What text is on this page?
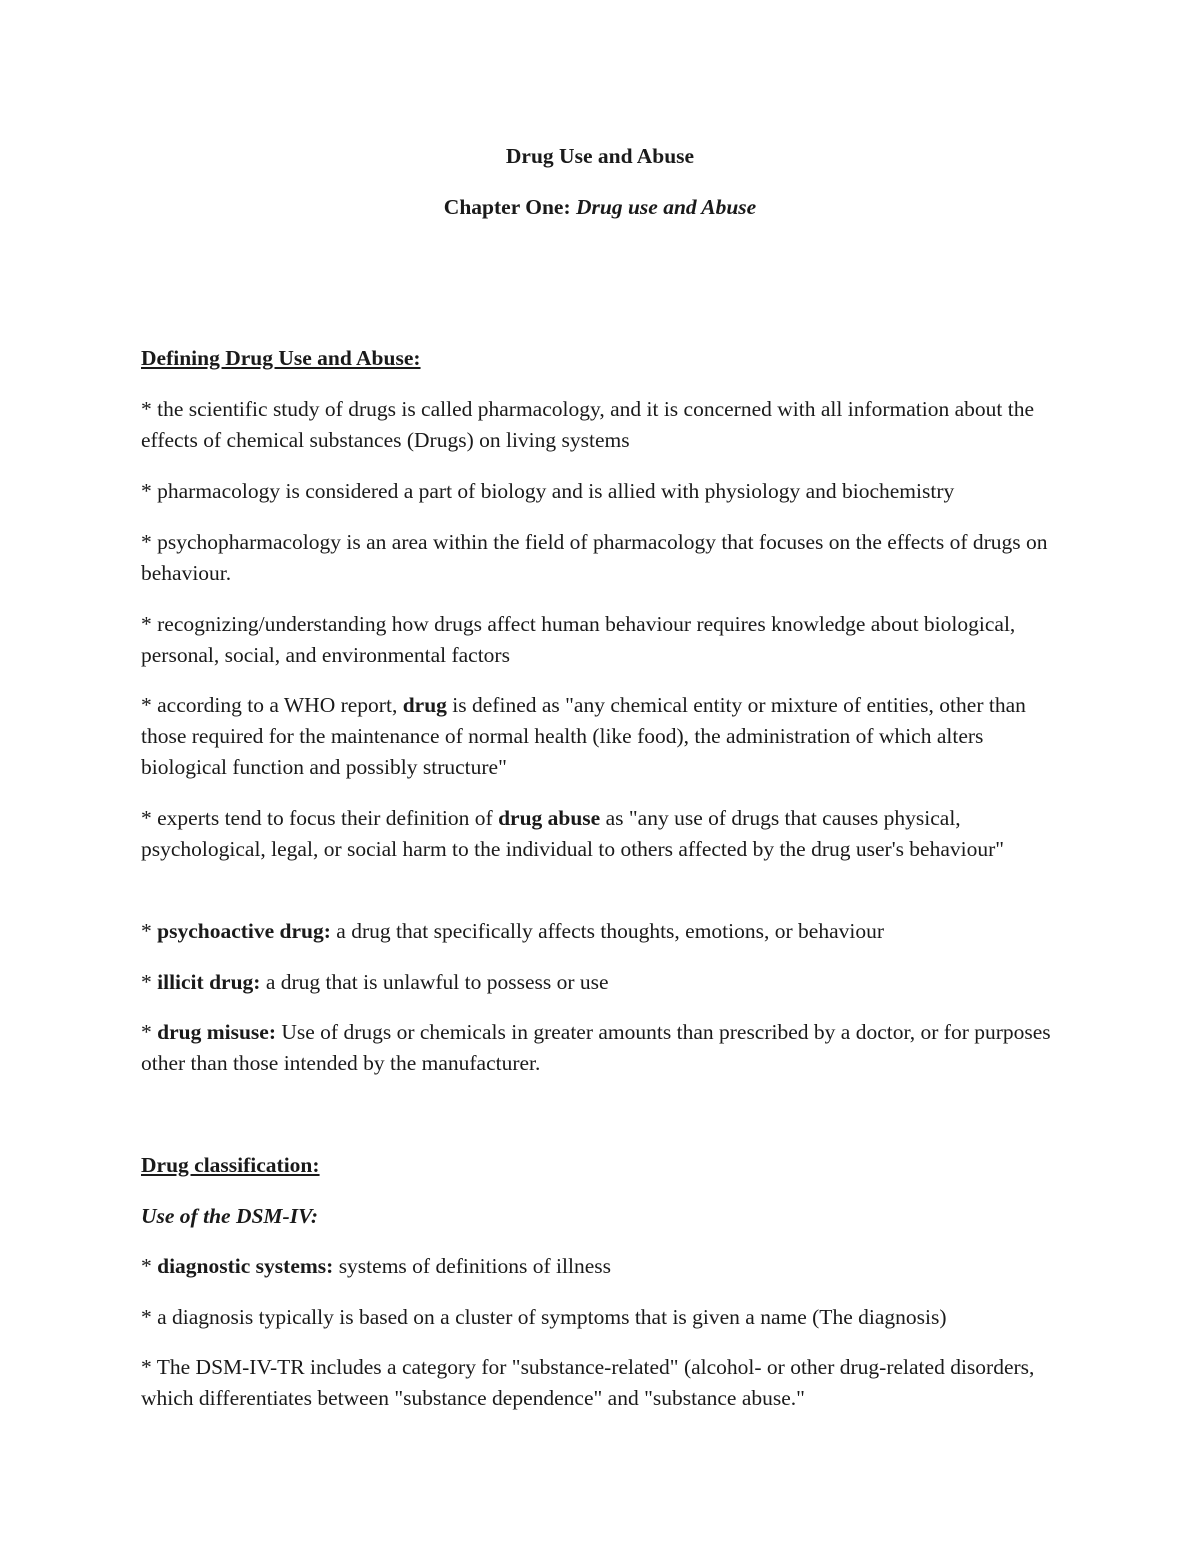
Drug Use and Abuse

Chapter One: Drug use and Abuse

Defining Drug Use and Abuse:

* the scientific study of drugs is called pharmacology, and it is concerned with all information about the effects of chemical substances (Drugs) on living systems

* pharmacology is considered a part of biology and is allied with physiology and biochemistry

* psychopharmacology is an area within the field of pharmacology that focuses on the effects of drugs on behaviour.

* recognizing/understanding how drugs affect human behaviour requires knowledge about biological, personal, social, and environmental factors

* according to a WHO report, drug is defined as "any chemical entity or mixture of entities, other than those required for the maintenance of normal health (like food), the administration of which alters biological function and possibly structure"

* experts tend to focus their definition of drug abuse as "any use of drugs that causes physical, psychological, legal, or social harm to the individual to others affected by the drug user's behaviour"

* psychoactive drug: a drug that specifically affects thoughts, emotions, or behaviour

* illicit drug: a drug that is unlawful to possess or use

* drug misuse: Use of drugs or chemicals in greater amounts than prescribed by a doctor, or for purposes other than those intended by the manufacturer.

Drug classification:

Use of the DSM-IV:

* diagnostic systems: systems of definitions of illness

* a diagnosis typically is based on a cluster of symptoms that is given a name (The diagnosis)

* The DSM-IV-TR includes a category for "substance-related" (alcohol- or other drug-related disorders, which differentiates between "substance dependence" and "substance abuse."
